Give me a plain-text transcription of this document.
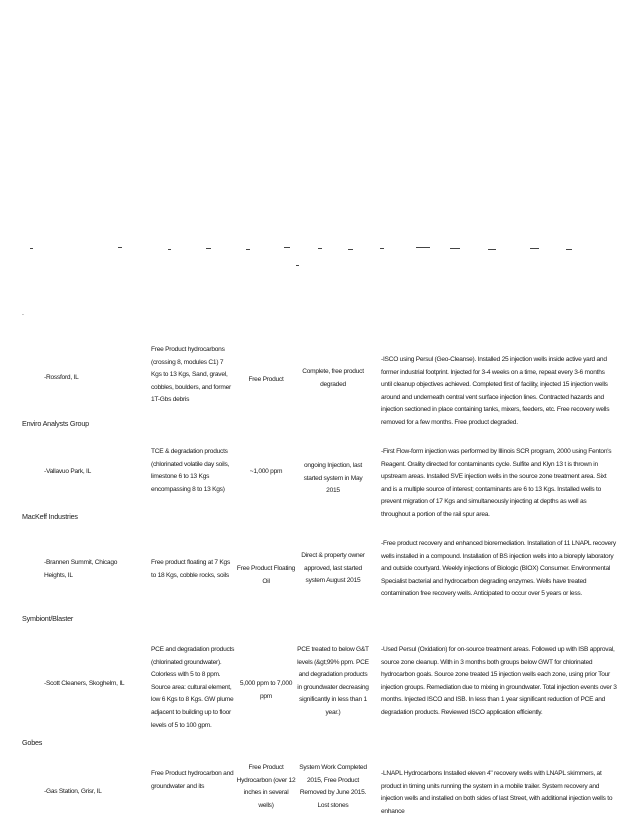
.
-Rossford, IL
Free Product hydrocarbons (crossing 8, modules C1) 7 Kgs to 13 Kgs, Sand, gravel, cobbles, boulders, and former 1T-Gbs debris
Free Product
Complete, free product degraded
-ISCO using Persul (Geo-Cleanse). Installed 25 injection wells inside active yard and former industrial footprint. Injected for 3-4 weeks on a time, repeat every 3-6 months until cleanup objectives achieved. Completed first of facility, injected 15 injection wells around and underneath central vent surface injection lines. Contracted hazards and injection sectioned in place containing tanks, mixers, feeders, etc. Free recovery wells removed for a few months. Free product degraded.
Enviro Analysts Group
-Vallavuo Park, IL
TCE & degradation products (chlorinated volatile day soils, limestone 6 to 13 Kgs encompassing 8 to 13 Kgs)
~1,000 ppm
ongoing Injection, last started system in May 2015
-First Flow-form injection was performed by Illinois SCR program, 2000 using Fenton's Reagent. Orality directed for contaminants cycle. Sulfite and Klyn 13 t is thrown in upstream areas. Installed SVE injection wells in the source zone treatment area. Sixt and is a multiple source of interest; contaminants are 6 to 13 Kgs. Installed wells to prevent migration of 17 Kgs and simultaneously injecting at depths as well as throughout a portion of the rail spur area.
MacKeff Industries
-Brannen Summit, Chicago Heights, IL
Free product floating at 7 Kgs to 18 Kgs, cobble rocks, soils
Free Product Floating Oil
Direct & property owner approved, last started system August 2015
-Free product recovery and enhanced bioremediation. Installation of 11 LNAPL recovery wells installed in a compound. Installation of BS injection wells into a bioreply laboratory and outside courtyard. Weekly injections of Biologic (BIOX) Consumer. Environmental Specialist bacterial and hydrocarbon degrading enzymes. Wells have treated contamination free recovery wells. Anticipated to occur over 5 years or less.
Symbiont/Blaster
-Scott Cleaners, Skoghelm, IL
PCE and degradation products (chlorinated groundwater). Colorless with 5 to 8 ppm. Source area: cultural element, low 6 Kgs to 8 Kgs. GW plume adjacent to building up to floor levels of 5 to 100 gpm.
5,000 ppm to 7,000 ppm
PCE treated to below G&T levels (&gt;99% ppm. PCE and degradation products in groundwater decreasing significantly in less than 1 year.)
-Used Persul (Oxidation) for on-source treatment areas. Followed up with ISB approval, source zone cleanup. With in 3 months both groups below GWT for chlorinated hydrocarbon goals. Source zone treated 15 injection wells each zone, using prior Tour injection groups. Remediation due to mixing in groundwater. Total injection events over 3 months. Injected ISCO and ISB. In less than 1 year significant reduction of PCE and degradation products. Reviewed ISCO application efficiently.
Gobes
-Gas Station, Grisr, IL
Free Product hydrocarbon and groundwater and its
Free Product Hydrocarbon (over 12 inches in several wells)
System Work Completed 2015, Free Product Removed by June 2015. Lost stones
-LNAPL Hydrocarbons Installed eleven 4" recovery wells with LNAPL skimmers, at product in timing units running the system in a mobile trailer. System recovery and injection wells and installed on both sides of last Street, with additional injection wells to enhance
